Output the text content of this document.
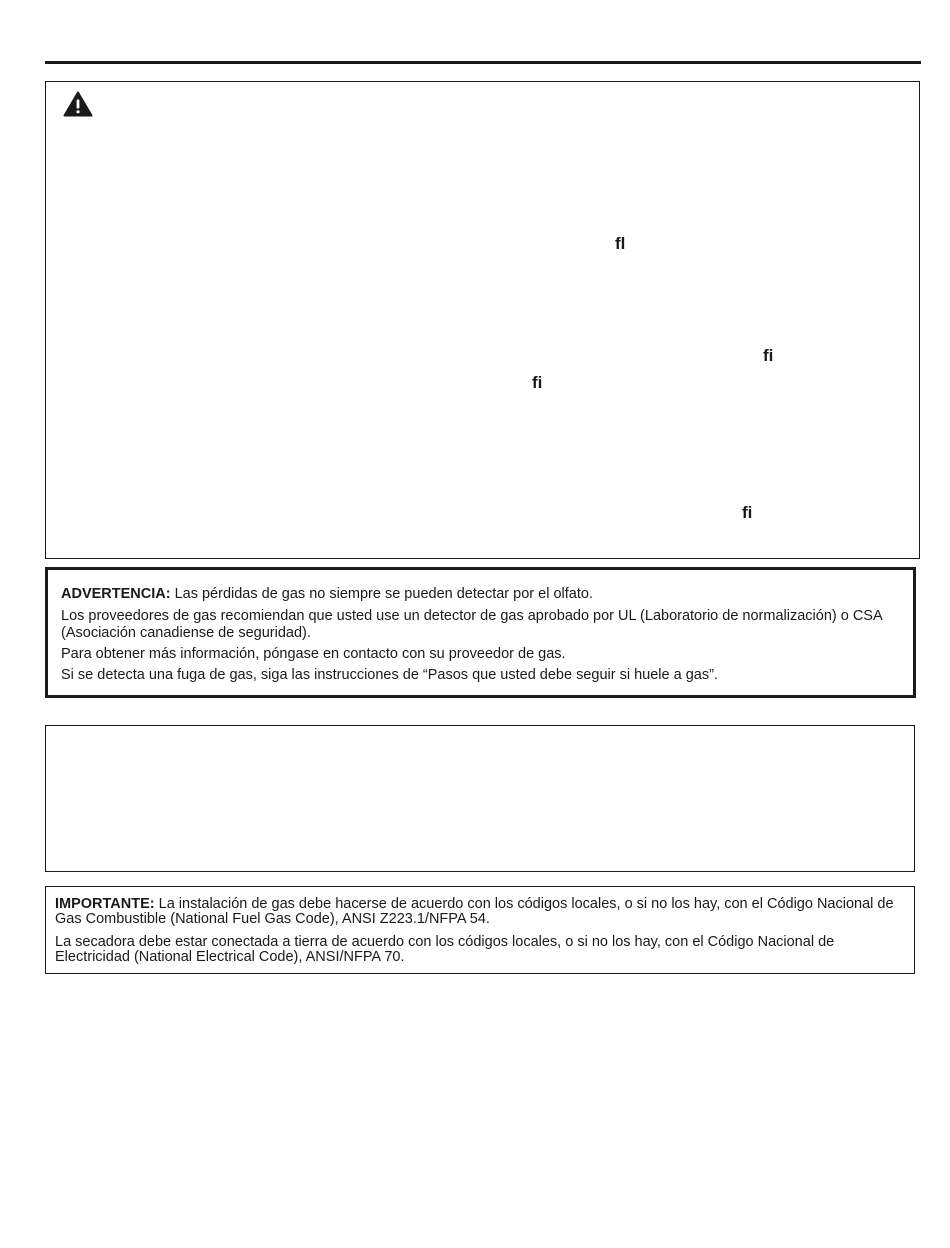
fl
fi
fi
fi

ADVERTENCIA: Las pérdidas de gas no siempre se pueden detectar por el olfato.

Los proveedores de gas recomiendan que usted use un detector de gas aprobado por UL (Laboratorio de normalización) o CSA (Asociación canadiense de seguridad).

Para obtener más información, póngase en contacto con su proveedor de gas.

Si se detecta una fuga de gas, siga las instrucciones de “Pasos que usted debe seguir si huele a gas”.

IMPORTANTE: La instalación de gas debe hacerse de acuerdo con los códigos locales, o si no los hay, con el Código Nacional de Gas Combustible (National Fuel Gas Code), ANSI Z223.1/NFPA 54.

La secadora debe estar conectada a tierra de acuerdo con los códigos locales, o si no los hay, con el Código Nacional de Electricidad (National Electrical Code), ANSI/NFPA 70.
